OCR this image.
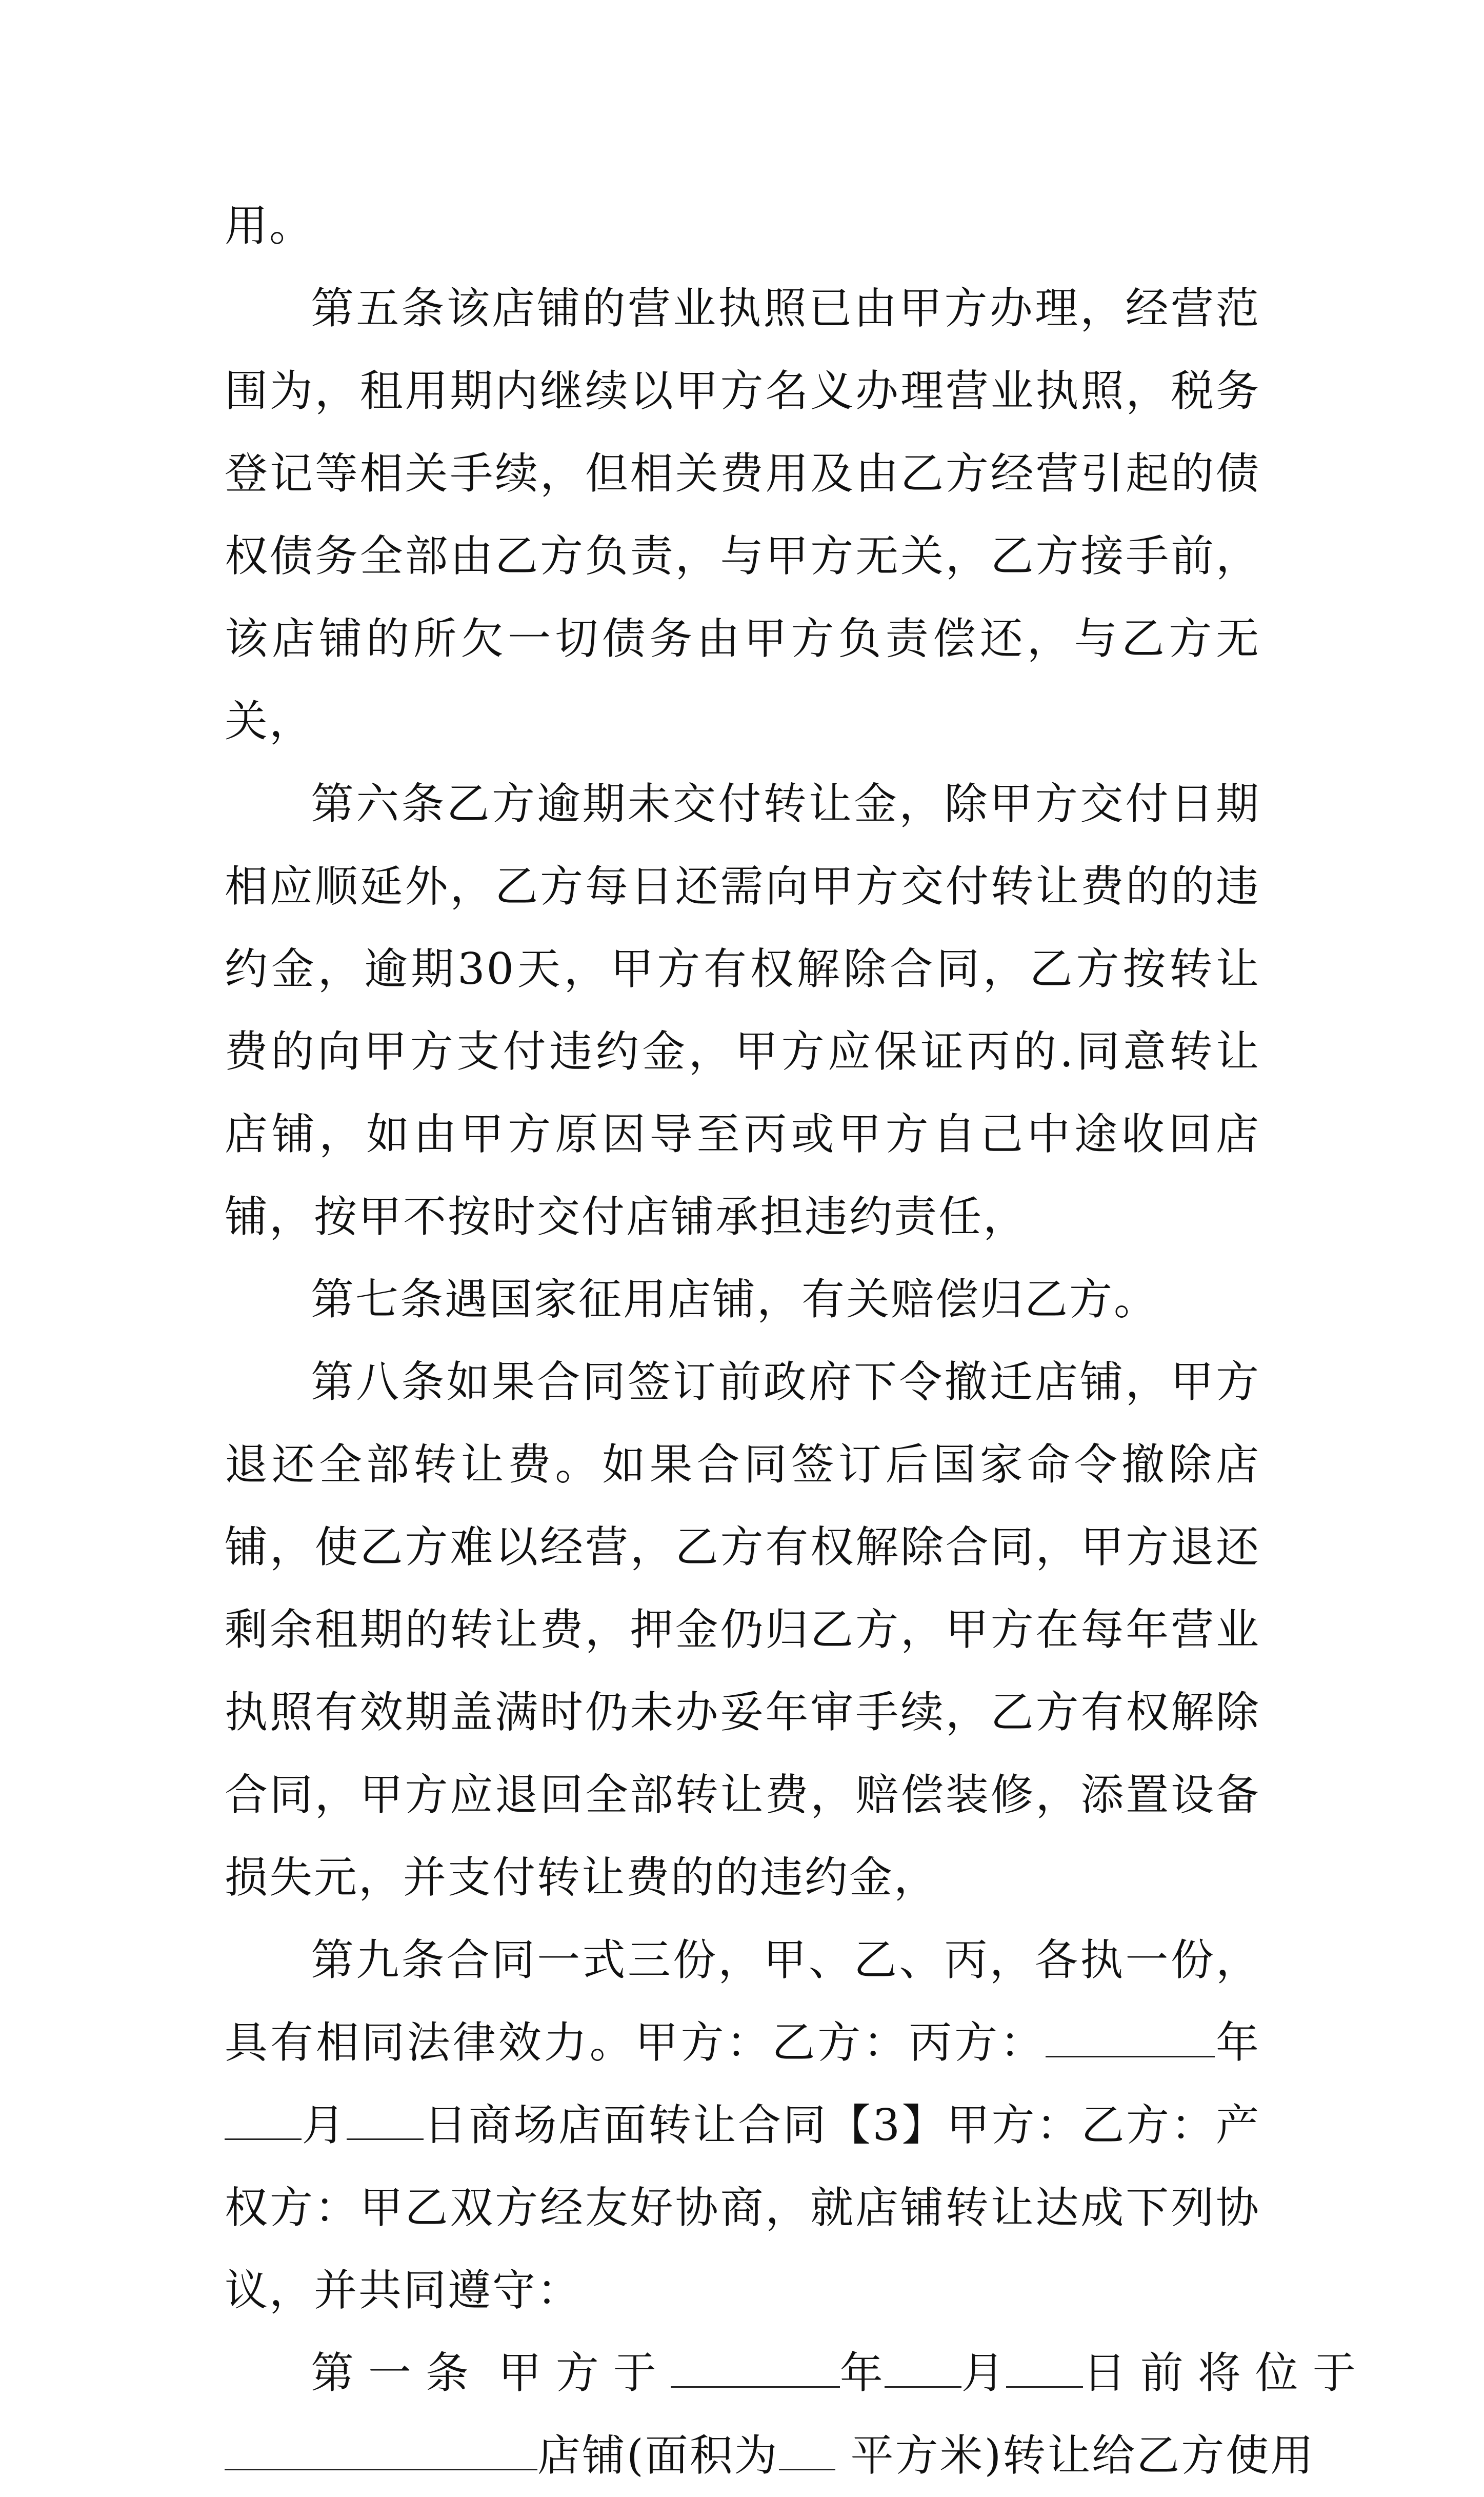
用。

第五条该店铺的营业执照已由甲方办理，经营范围为，租用期内继续以甲方名义办理营业执照，税务登记等相关手续，但相关费用及由乙方经营引起的债权债务全部由乙方负责，与甲方无关，乙方接手前，该店铺的所欠一切债务由甲方负责偿还，与乙方无关，

第六条乙方逾期未交付转让金，除甲方交付日期相应顺延外，乙方每日还需向甲方交付转让费的的违约金，逾期30天，甲方有权解除合同，乙方按转让费的向甲方支付违约金，甲方应保证丙的.同意转让店铺，如由甲方原因导至丙或甲方自己中途收回店铺，按甲不按时交付店铺承担违约责任，

第七条遇国家征用店铺，有关赔偿归乙方。

第八条如果合同签订前政府下令撤迁店铺，甲方退还全部转让费。如果合同签订后国家命令撤除店铺，使乙方难以经营，乙方有权解除合同，甲方退还剩余租期的转让费，押金仍归乙方，甲方在每年营业执照有效期盖满时仍未办妥年审手续，乙方有权解除合同，甲方应退回全部转让费，赔偿装修，添置设备损失元，并支付转让费的的违约金，

第九条合同一式三份，甲、乙、丙，各执一份，具有相同法律效力。甲方：乙方：丙方：	年月 日商场店面转让合同【3】甲方：乙方：产权方：甲乙双方经友好协商，就店铺转让达成下列协议，并共同遵守：

第一条 甲方于	年 月 日前将位于

店铺(面积为 平方米)转让给乙方使用
